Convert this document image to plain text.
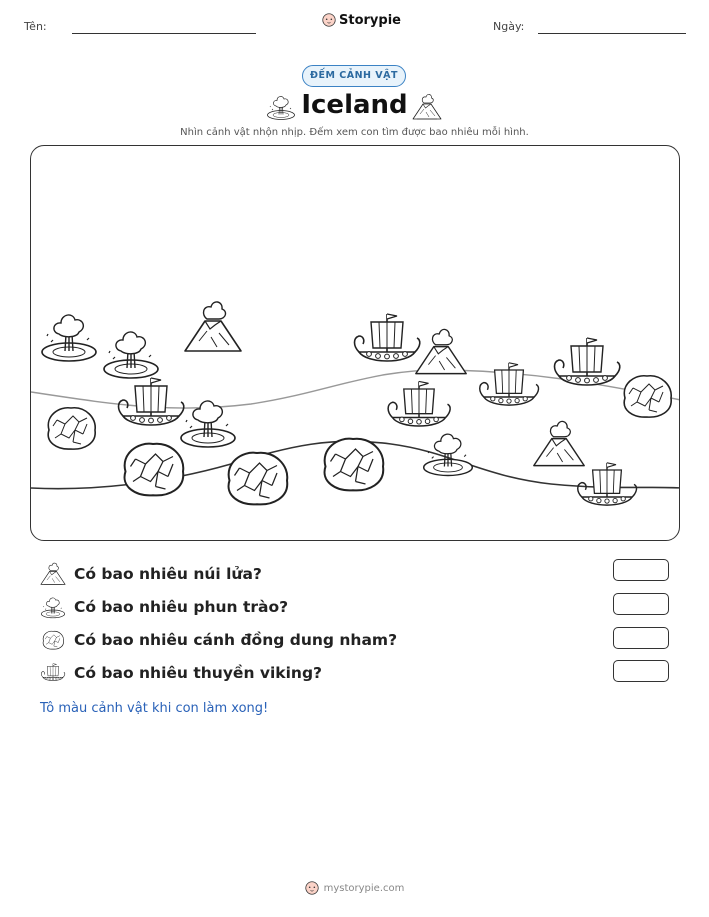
Tên:	Storypie	Ngày:
ĐẾM CẢNH VẬT
Iceland
Nhìn cảnh vật nhộn nhịp. Đếm xem con tìm được bao nhiêu mỗi hình.
Có bao nhiêu núi lửa?
Có bao nhiêu phun trào?
Có bao nhiêu cánh đồng dung nham?
Có bao nhiêu thuyền viking?
Tô màu cảnh vật khi con làm xong!
mystorypie.com
